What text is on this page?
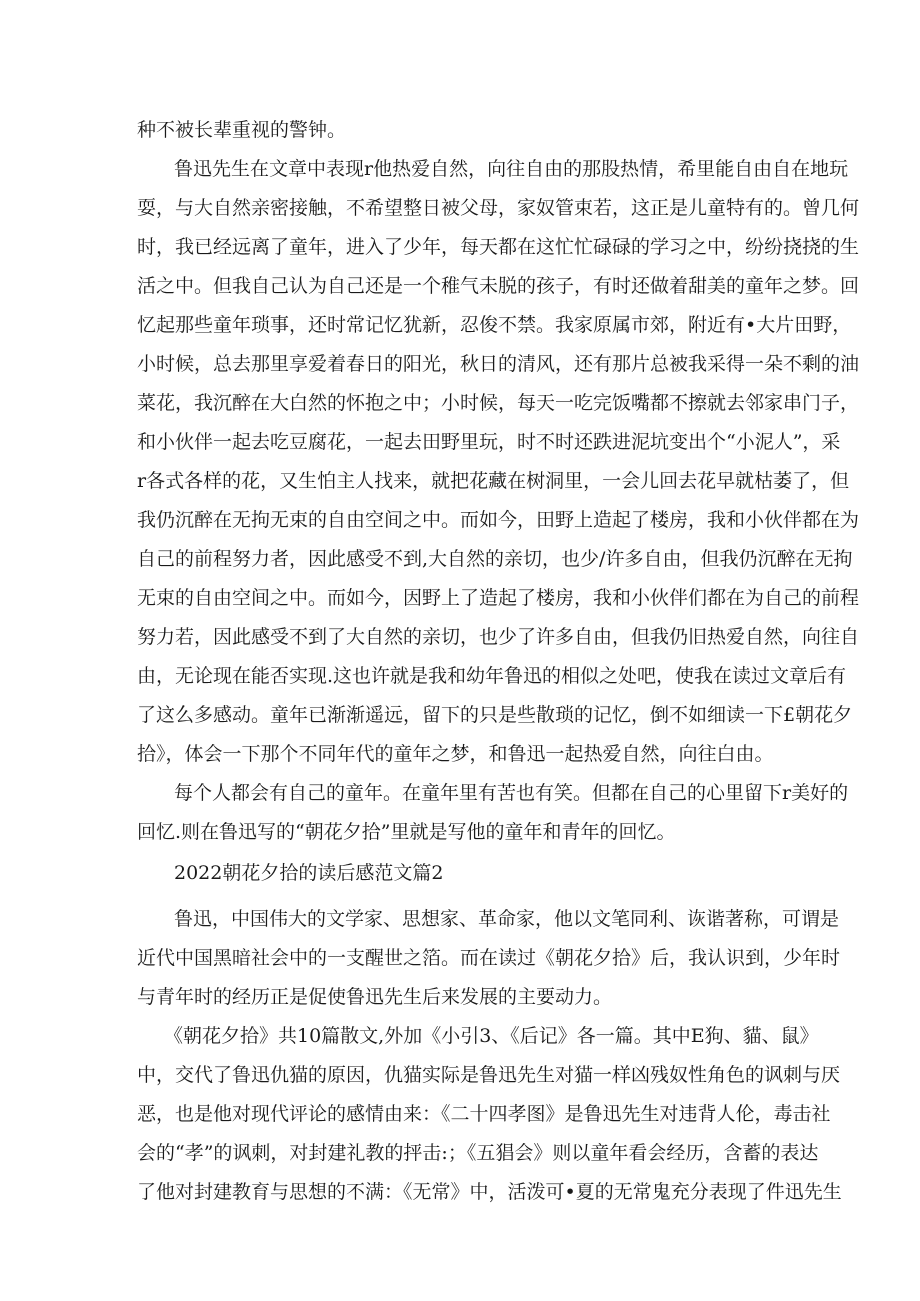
种不被长辈重视的警钟。
鲁迅先生在文章中表现r他热爱自然，向往自由的那股热情，希里能自由自在地玩
耍，与大自然亲密接触，不希望整日被父母，家奴管束若，这正是儿童特有的。曾几何
时，我已经远离了童年，进入了少年，每天都在这忙忙碌碌的学习之中，纷纷挠挠的生
活之中。但我自己认为自己还是一个稚气未脱的孩子，有时还做着甜美的童年之梦。回
忆起那些童年琐事，还时常记忆犹新，忍俊不禁。我家原属市郊，附近有•大片田野，
小时候，总去那里享爱着春日的阳光，秋日的清风，还有那片总被我采得一朵不剩的油
菜花，我沉醉在大白然的怀抱之中；小时候，每天一吃完饭嘴都不擦就去邻家串门子，
和小伙伴一起去吃豆腐花，一起去田野里玩，时不时还跌进泥坑变出个“小泥人”，采
r各式各样的花，又生怕主人找来，就把花藏在树洞里，一会儿回去花早就枯萎了，但
我仍沉醉在无拘无束的自由空间之中。而如今，田野上造起了楼房，我和小伙伴都在为
自己的前程努力者，因此感受不到,大自然的亲切，也少/许多自由，但我仍沉醉在无拘
无束的自由空间之中。而如今，因野上了造起了楼房，我和小伙伴们都在为自己的前程
努力若，因此感受不到了大自然的亲切，也少了许多自由，但我仍旧热爱自然，向往自
由，无论现在能否实现.这也许就是我和幼年鲁迅的相似之处吧，使我在读过文章后有
了这么多感动。童年已渐渐遥远，留下的只是些散琐的记忆，倒不如细读一下£朝花夕
拾》，体会一下那个不同年代的童年之梦，和鲁迅一起热爱自然，向往白由。
每个人都会有自己的童年。在童年里有苦也有笑。但都在自己的心里留下r美好的
回忆.则在鲁迅写的“朝花夕拾”里就是写他的童年和青年的回忆。
2022朝花夕拾的读后感范文篇2
鲁迅，中国伟大的文学家、思想家、革命家，他以文笔同利、诙谐著称，可谓是
近代中国黑暗社会中的一支醒世之箔。而在读过《朝花夕拾》后，我认识到，少年时
与青年时的经历正是促使鲁迅先生后来发展的主要动力。
《朝花夕拾》共10篇散文,外加《小引3、《后记》各一篇。其中E狗、貓、鼠》
中，交代了鲁迅仇猫的原因，仇猫实际是鲁迅先生对猫一样凶残奴性角色的讽刺与厌
恶，也是他对现代评论的感情由来：《二十四孝图》是鲁迅先生对违背人伦，毒击社
会的“孝”的讽刺，对封建礼教的抨击:；《五猖会》则以童年看会经历，含蓄的表达
了他对封建教育与思想的不满：《无常》中，活泼可•夏的无常鬼充分表现了件迅先生
